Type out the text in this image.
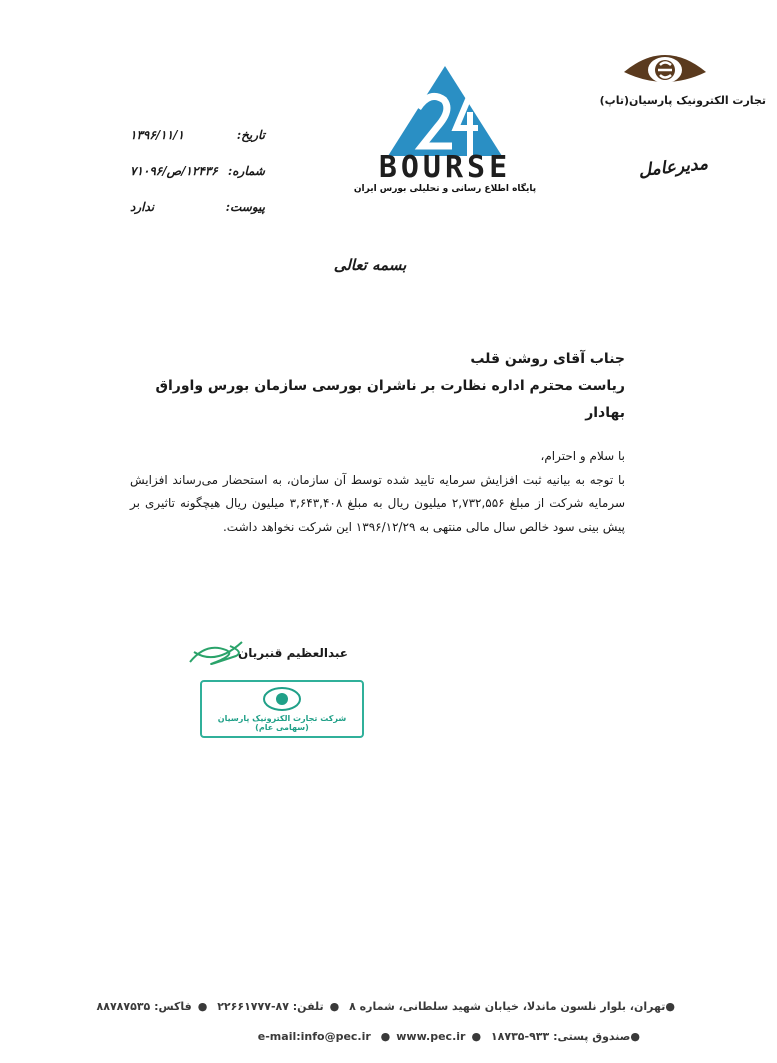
تجارت الکترونیک پارسیان(تاپ)
مدیرعامل
BOURSE
پایگاه اطلاع رسانی و تحلیلی بورس ایران
تاریخ:
۱۳۹۶/۱۱/۱
شماره:
۱۲۴۳۶/ص/۷۱۰۹۶
پیوست:
ندارد
بسمه تعالی
جناب آقای روشن قلب
ریاست محترم اداره نظارت بر ناشران بورسی سازمان بورس واوراق بهادار
با سلام و احترام،
با توجه به بیانیه ثبت افزایش سرمایه تایید شده توسط آن سازمان، به استحضار می‌رساند افزایش سرمایه شرکت از مبلغ ۲,۷۳۲,۵۵۶ میلیون ریال به مبلغ ۳,۶۴۳,۴۰۸ میلیون ریال هیچگونه تاثیری بر پیش بینی سود خالص سال مالی منتهی به ۱۳۹۶/۱۲/۲۹ این شرکت نخواهد داشت.
عبدالعظیم قنبریان
شرکت تجارت الکترونیک پارسیان (سهامی عام)
●تهران، بلوار نلسون ماندلا، خیابان شهید سلطانی، شماره ۸ ●تلفن: ۸۷-۲۲۶۶۱۷۷۷ ●فاکس: ۸۸۷۸۷۵۳۵
●صندوق پستی: ۹۳۳-۱۸۷۳۵ ●e-mail:info@pec.ir ● www.pec.ir
